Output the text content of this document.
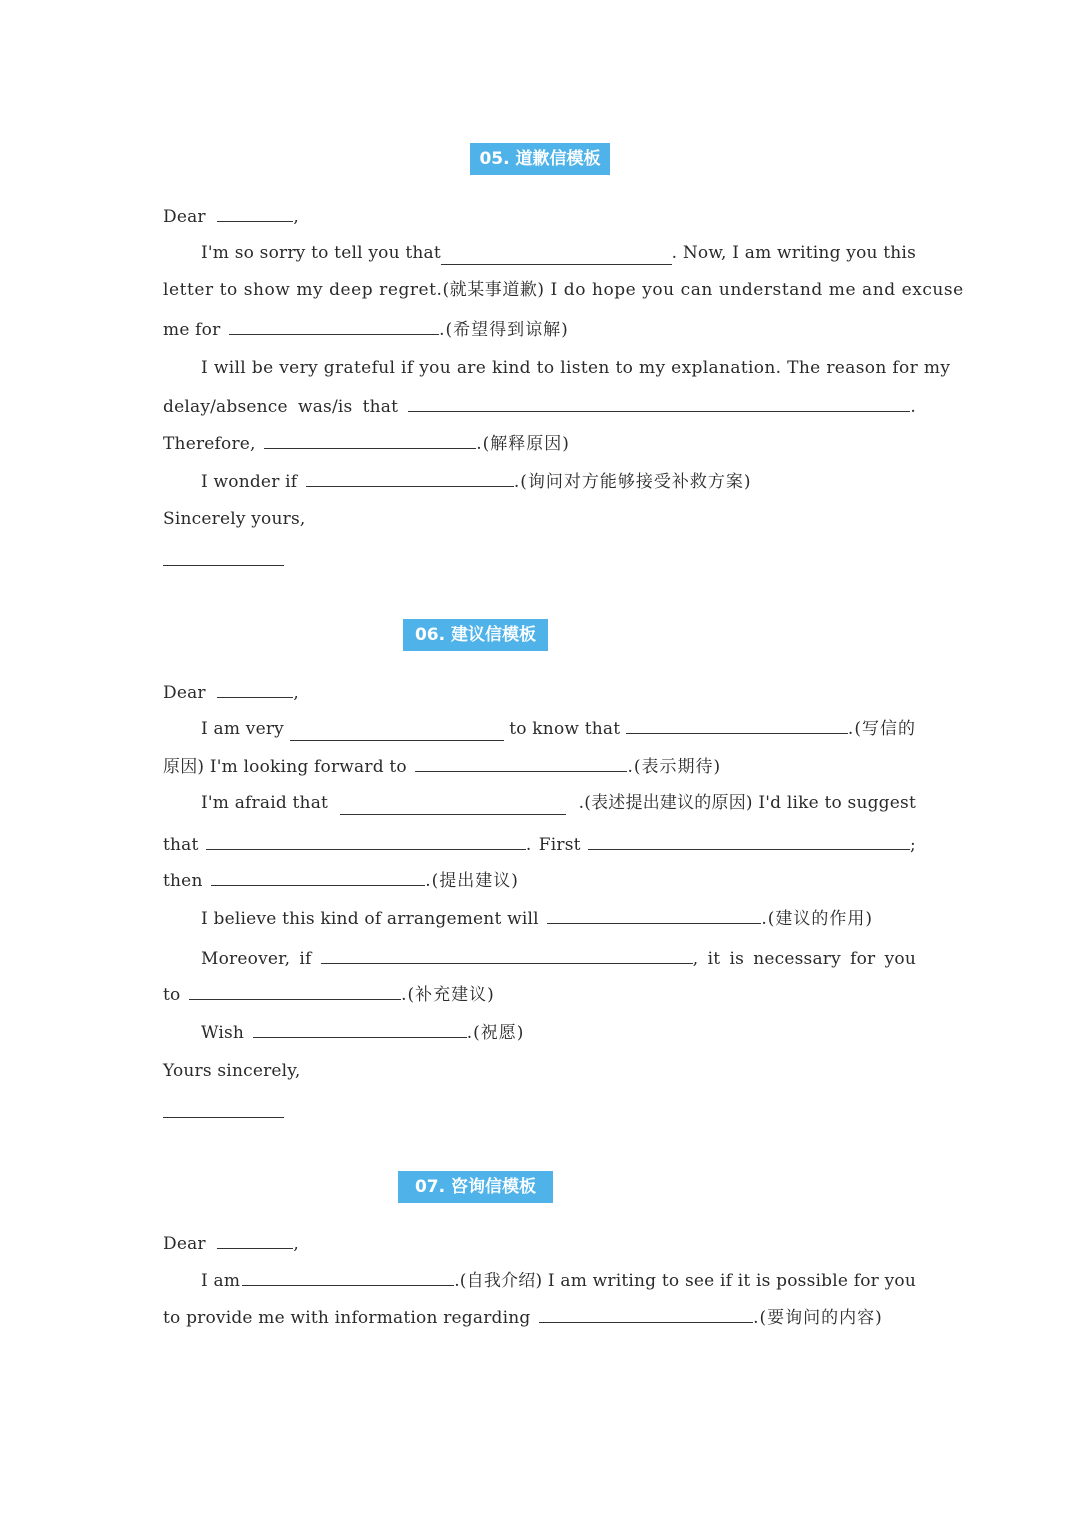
05. 道歉信模板
Dear	,
I'm so sorry to tell you that	. Now, I am writing you this
letter to show my deep regret.(就某事道歉) I do hope you can understand me and excuse
me for	.(希望得到谅解)
I will be very grateful if you are kind to listen to my explanation. The reason for my
delay/absence was/is that	.
Therefore,	.(解释原因)
I wonder if	.(询问对方能够接受补救方案)
Sincerely yours,
06. 建议信模板
Dear	,
I am very	to know that	.(写信的
原因) I'm looking forward to	.(表示期待)
I'm afraid that	.(表述提出建议的原因) I'd like to suggest
that	. First	;
then	.(提出建议)
I believe this kind of arrangement will	.(建议的作用)
Moreover, if	, it is necessary for you
to	.(补充建议)
Wish	.(祝愿)
Yours sincerely,
07. 咨询信模板
Dear	,
I am	.(自我介绍) I am writing to see if it is possible for you
to provide me with information regarding	.(要询问的内容)
